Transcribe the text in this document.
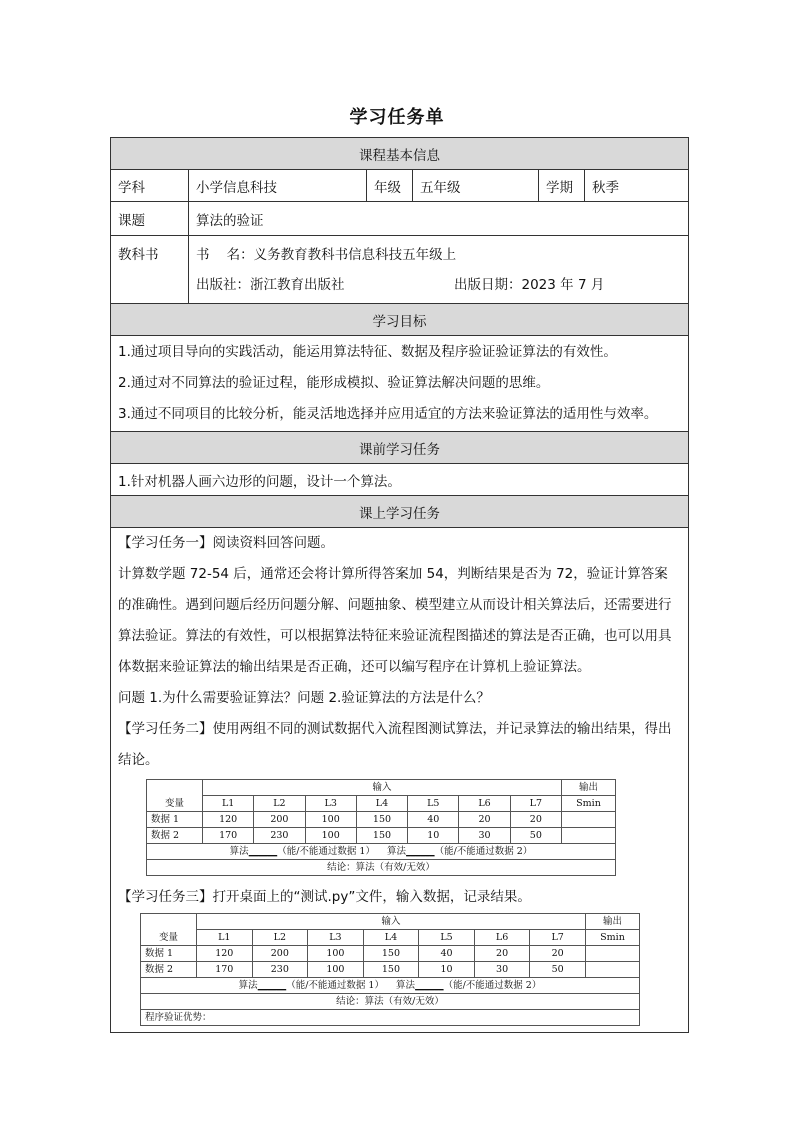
学习任务单
课程基本信息
学科	小学信息科技	年级	五年级	学期	秋季
课题	算法的验证
教科书	书    名：义务教育教科书信息科技五年级上
出版社：浙江教育出版社	出版日期：2023 年 7 月

学习目标

1.通过项目导向的实践活动，能运用算法特征、数据及程序验证验证算法的有效性。
2.通过对不同算法的验证过程，能形成模拟、验证算法解决问题的思维。
3.通过不同项目的比较分析，能灵活地选择并应用适宜的方法来验证算法的适用性与效率。

课前学习任务
1.针对机器人画六边形的问题，设计一个算法。
课上学习任务

【学习任务一】阅读资料回答问题。

计算数学题 72-54 后，通常还会将计算所得答案加 54，判断结果是否为 72，验证计算答案的准确性。遇到问题后经历问题分解、问题抽象、模型建立从而设计相关算法后，还需要进行算法验证。算法的有效性，可以根据算法特征来验证流程图描述的算法是否正确，也可以用具体数据来验证算法的输出结果是否正确，还可以编写程序在计算机上验证算法。

问题 1.为什么需要验证算法？问题 2.验证算法的方法是什么？

【学习任务二】使用两组不同的测试数据代入流程图测试算法，并记录算法的输出结果，得出结论。

变量	输入	输出
L1	L2	L3	L4	L5	L6	L7	Smin
数据 1	120	200	100	150	40	20	20	
数据 2	170	230	100	150	10	30	50	
算法______（能/不能通过数据 1） 算法______（能/不能通过数据 2）
结论：算法（有效/无效）

【学习任务三】打开桌面上的“测试.py”文件，输入数据，记录结果。

变量	输入	输出
L1	L2	L3	L4	L5	L6	L7	Smin
数据 1	120	200	100	150	40	20	20	
数据 2	170	230	100	150	10	30	50	
算法______（能/不能通过数据 1） 算法______（能/不能通过数据 2）
结论：算法（有效/无效）
程序验证优势：
